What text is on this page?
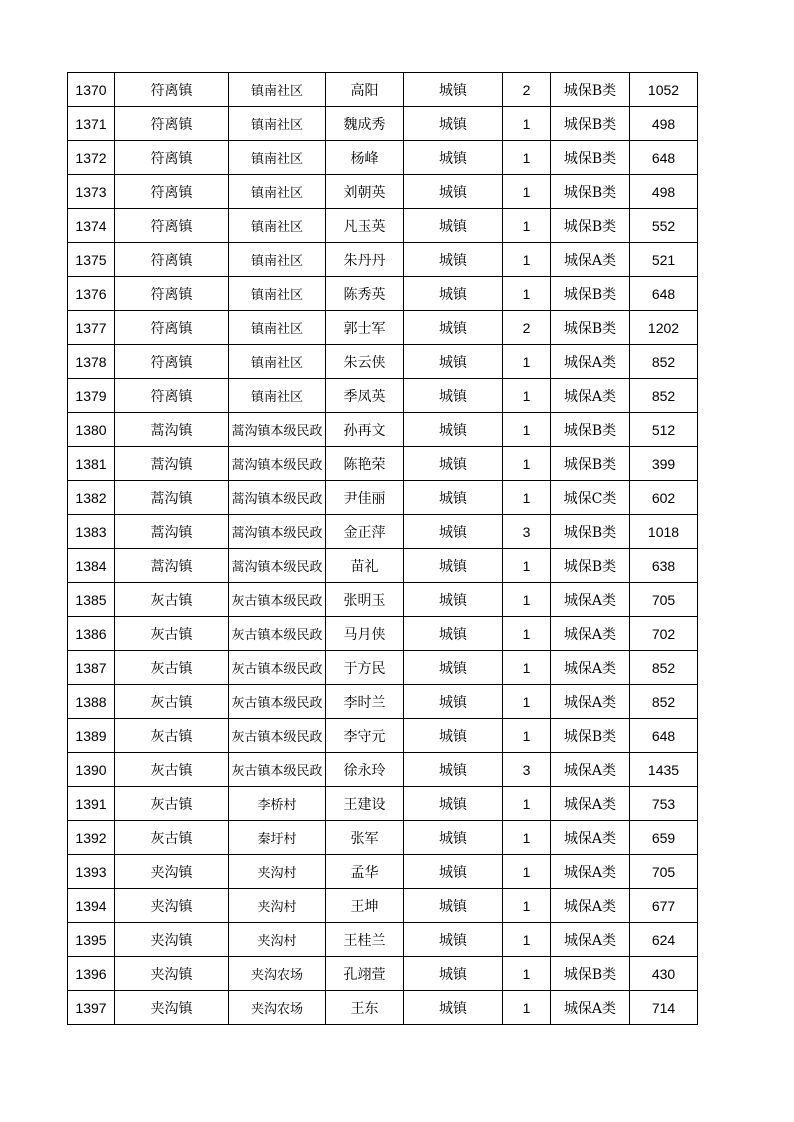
1370	符离镇	镇南社区	高阳	城镇	2	城保B类	1052
1371	符离镇	镇南社区	魏成秀	城镇	1	城保B类	498
1372	符离镇	镇南社区	杨峰	城镇	1	城保B类	648
1373	符离镇	镇南社区	刘朝英	城镇	1	城保B类	498
1374	符离镇	镇南社区	凡玉英	城镇	1	城保B类	552
1375	符离镇	镇南社区	朱丹丹	城镇	1	城保A类	521
1376	符离镇	镇南社区	陈秀英	城镇	1	城保B类	648
1377	符离镇	镇南社区	郭士军	城镇	2	城保B类	1202
1378	符离镇	镇南社区	朱云侠	城镇	1	城保A类	852
1379	符离镇	镇南社区	季凤英	城镇	1	城保A类	852
1380	蒿沟镇	蒿沟镇本级民政	孙再文	城镇	1	城保B类	512
1381	蒿沟镇	蒿沟镇本级民政	陈艳荣	城镇	1	城保B类	399
1382	蒿沟镇	蒿沟镇本级民政	尹佳丽	城镇	1	城保C类	602
1383	蒿沟镇	蒿沟镇本级民政	金正萍	城镇	3	城保B类	1018
1384	蒿沟镇	蒿沟镇本级民政	苗礼	城镇	1	城保B类	638
1385	灰古镇	灰古镇本级民政	张明玉	城镇	1	城保A类	705
1386	灰古镇	灰古镇本级民政	马月侠	城镇	1	城保A类	702
1387	灰古镇	灰古镇本级民政	于方民	城镇	1	城保A类	852
1388	灰古镇	灰古镇本级民政	李时兰	城镇	1	城保A类	852
1389	灰古镇	灰古镇本级民政	李守元	城镇	1	城保B类	648
1390	灰古镇	灰古镇本级民政	徐永玲	城镇	3	城保A类	1435
1391	灰古镇	李桥村	王建设	城镇	1	城保A类	753
1392	灰古镇	秦圩村	张军	城镇	1	城保A类	659
1393	夹沟镇	夹沟村	孟华	城镇	1	城保A类	705
1394	夹沟镇	夹沟村	王坤	城镇	1	城保A类	677
1395	夹沟镇	夹沟村	王桂兰	城镇	1	城保A类	624
1396	夹沟镇	夹沟农场	孔翊萱	城镇	1	城保B类	430
1397	夹沟镇	夹沟农场	王东	城镇	1	城保A类	714
